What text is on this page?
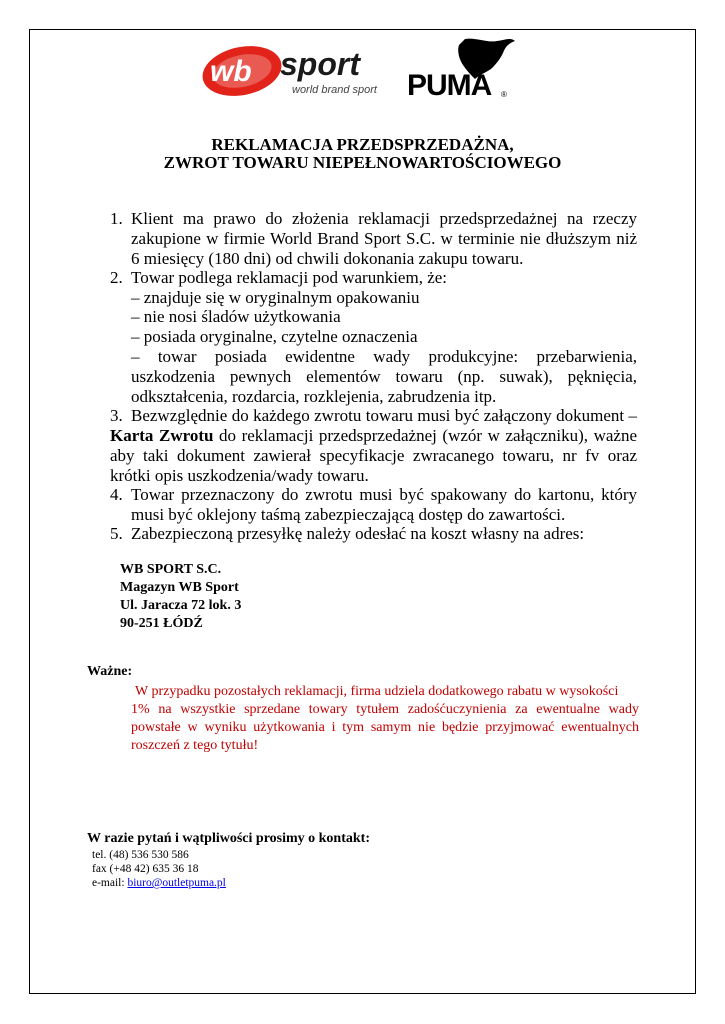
wb sport
world brand sport PUMA ®
REKLAMACJA PRZEDSPRZEDAŻNA,
ZWROT TOWARU NIEPEŁNOWARTOŚCIOWEGO
1. Klient ma prawo do złożenia reklamacji przedsprzedażnej na rzeczy
zakupione w firmie World Brand Sport S.C. w terminie nie dłuższym niż
6 miesięcy (180 dni) od chwili dokonania zakupu towaru.
2. Towar podlega reklamacji pod warunkiem, że:
– znajduje się w oryginalnym opakowaniu
– nie nosi śladów użytkowania
– posiada oryginalne, czytelne oznaczenia
– towar posiada ewidentne wady produkcyjne: przebarwienia,
uszkodzenia pewnych elementów towaru (np. suwak), pęknięcia,
odkształcenia, rozdarcia, rozklejenia, zabrudzenia itp.
3. Bezwzględnie do każdego zwrotu towaru musi być załączony dokument –
Karta Zwrotu do reklamacji przedsprzedażnej (wzór w załączniku), ważne
aby taki dokument zawierał specyfikacje zwracanego towaru, nr fv oraz
krótki opis uszkodzenia/wady towaru.
4. Towar przeznaczony do zwrotu musi być spakowany do kartonu, który
musi być oklejony taśmą zabezpieczającą dostęp do zawartości.
5. Zabezpieczoną przesyłkę należy odesłać na koszt własny na adres:
WB SPORT S.C.
Magazyn WB Sport
Ul. Jaracza 72 lok. 3
90-251 ŁÓDŹ
Ważne:
W przypadku pozostałych reklamacji, firma udziela dodatkowego rabatu w wysokości
1% na wszystkie sprzedane towary tytułem zadośćuczynienia za ewentualne wady
powstałe w wyniku użytkowania i tym samym nie będzie przyjmować ewentualnych
roszczeń z tego tytułu!
W razie pytań i wątpliwości prosimy o kontakt:
tel. (48) 536 530 586
fax (+48 42) 635 36 18
e-mail: biuro@outletpuma.pl
